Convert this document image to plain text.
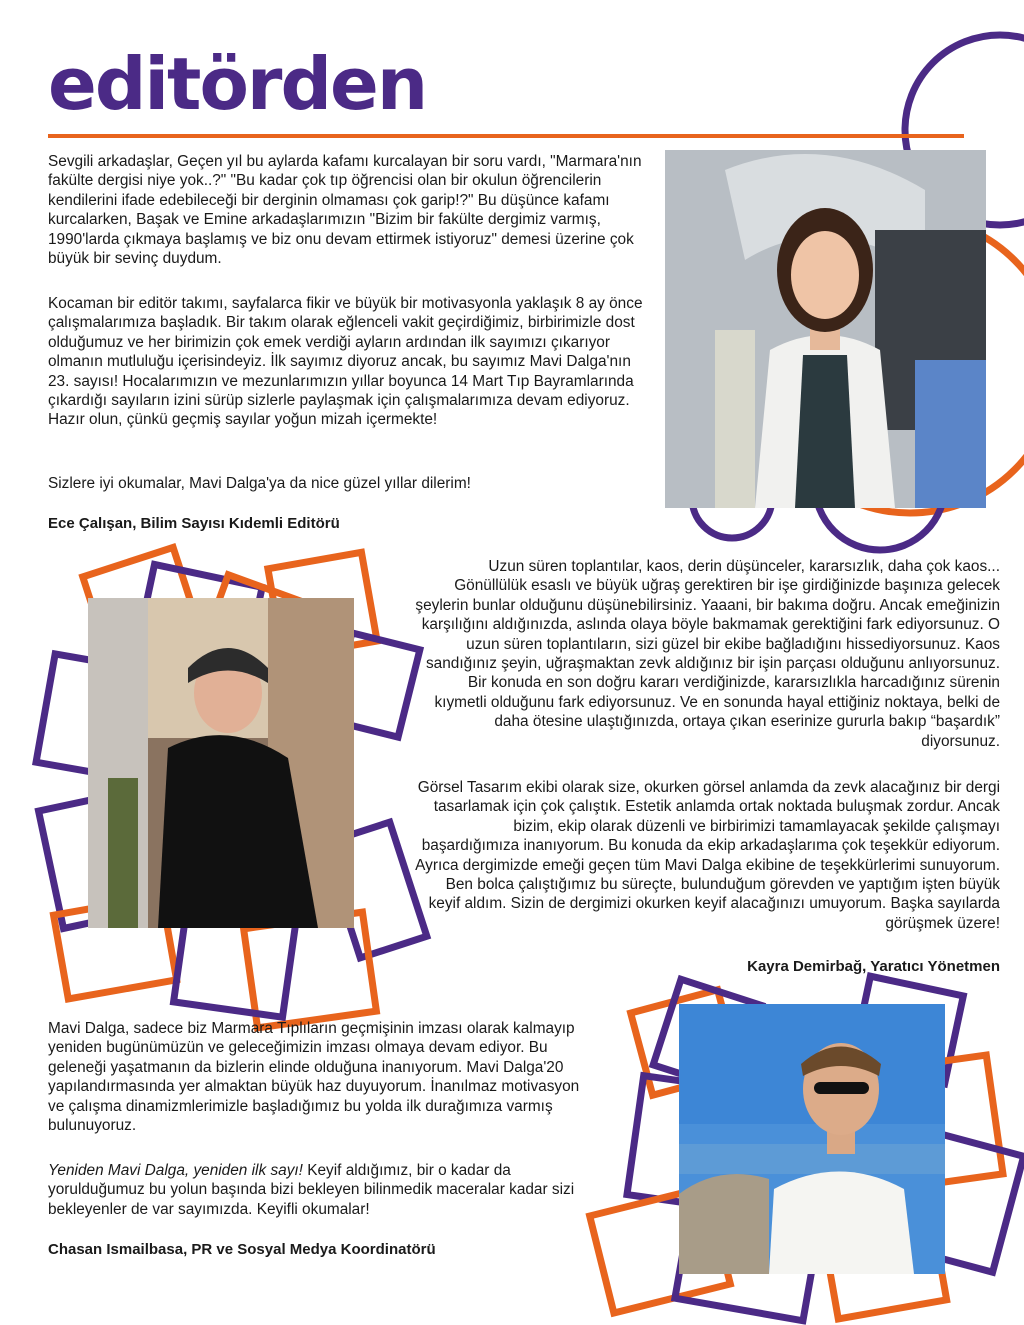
editörden

Sevgili arkadaşlar, Geçen yıl bu aylarda kafamı kurcalayan bir soru vardı, "Marmara'nın fakülte dergisi niye yok..?" "Bu kadar çok tıp öğrencisi olan bir okulun öğrencilerin kendilerini ifade edebileceği bir derginin olmaması çok garip!?" Bu düşünce kafamı kurcalarken, Başak ve Emine arkadaşlarımızın "Bizim bir fakülte dergimiz varmış, 1990'larda çıkmaya başlamış ve biz onu devam ettirmek istiyoruz" demesi üzerine çok büyük bir sevinç duydum.

Kocaman bir editör takımı, sayfalarca fikir ve büyük bir motivasyonla yaklaşık 8 ay önce çalışmalarımıza başladık. Bir takım olarak eğlenceli vakit geçirdiğimiz, birbirimizle dost olduğumuz ve her birimizin çok emek verdiği ayların ardından ilk sayımızı çıkarıyor olmanın mutluluğu içerisindeyiz. İlk sayımız diyoruz ancak, bu sayımız Mavi Dalga'nın 23. sayısı! Hocalarımızın ve mezunlarımızın yıllar boyunca 14 Mart Tıp Bayramlarında çıkardığı sayıların izini sürüp sizlerle paylaşmak için çalışmalarımıza devam ediyoruz. Hazır olun, çünkü geçmiş sayılar yoğun mizah içermekte!

Sizlere iyi okumalar, Mavi Dalga'ya da nice güzel yıllar dilerim!

Ece Çalışan, Bilim Sayısı Kıdemli Editörü

Uzun süren toplantılar, kaos, derin düşünceler, kararsızlık, daha çok kaos... Gönüllülük esaslı ve büyük uğraş gerektiren bir işe girdiğinizde başınıza gelecek şeylerin bunlar olduğunu düşünebilirsiniz. Yaaani, bir bakıma doğru. Ancak emeğinizin karşılığını aldığınızda, aslında olaya böyle bakmamak gerektiğini fark ediyorsunuz. O uzun süren toplantıların, sizi güzel bir ekibe bağladığını hissediyorsunuz. Kaos sandığınız şeyin, uğraşmaktan zevk aldığınız bir işin parçası olduğunu anlıyorsunuz. Bir konuda en son doğru kararı verdiğinizde, kararsızlıkla harcadığınız sürenin kıymetli olduğunu fark ediyorsunuz. Ve en sonunda hayal ettiğiniz noktaya, belki de daha ötesine ulaştığınızda, ortaya çıkan eserinize gururla bakıp “başardık” diyorsunuz.

Görsel Tasarım ekibi olarak size, okurken görsel anlamda da zevk alacağınız bir dergi tasarlamak için çok çalıştık. Estetik anlamda ortak noktada buluşmak zordur. Ancak bizim, ekip olarak düzenli ve birbirimizi tamamlayacak şekilde çalışmayı başardığımıza inanıyorum. Bu konuda da ekip arkadaşlarıma çok teşekkür ediyorum. Ayrıca dergimizde emeği geçen tüm Mavi Dalga ekibine de teşekkürlerimi sunuyorum. Ben bolca çalıştığımız bu süreçte, bulunduğum görevden ve yaptığım işten büyük keyif aldım. Sizin de dergimizi okurken keyif alacağınızı umuyorum. Başka sayılarda görüşmek üzere!

Kayra Demirbağ, Yaratıcı Yönetmen

Mavi Dalga, sadece biz Marmara Tıplıların geçmişinin imzası olarak kalmayıp yeniden bugünümüzün ve geleceğimizin imzası olmaya devam ediyor. Bu geleneği yaşatmanın da bizlerin elinde olduğuna inanıyorum. Mavi Dalga'20 yapılandırmasında yer almaktan büyük haz duyuyorum. İnanılmaz motivasyon ve çalışma dinamizmlerimizle başladığımız bu yolda ilk durağımıza varmış bulunuyoruz.

Yeniden Mavi Dalga, yeniden ilk sayı! Keyif aldığımız, bir o kadar da yorulduğumuz bu yolun başında bizi bekleyen bilinmedik maceralar kadar sizi bekleyenler de var sayımızda. Keyifli okumalar!

Chasan Ismailbasa, PR ve Sosyal Medya Koordinatörü
